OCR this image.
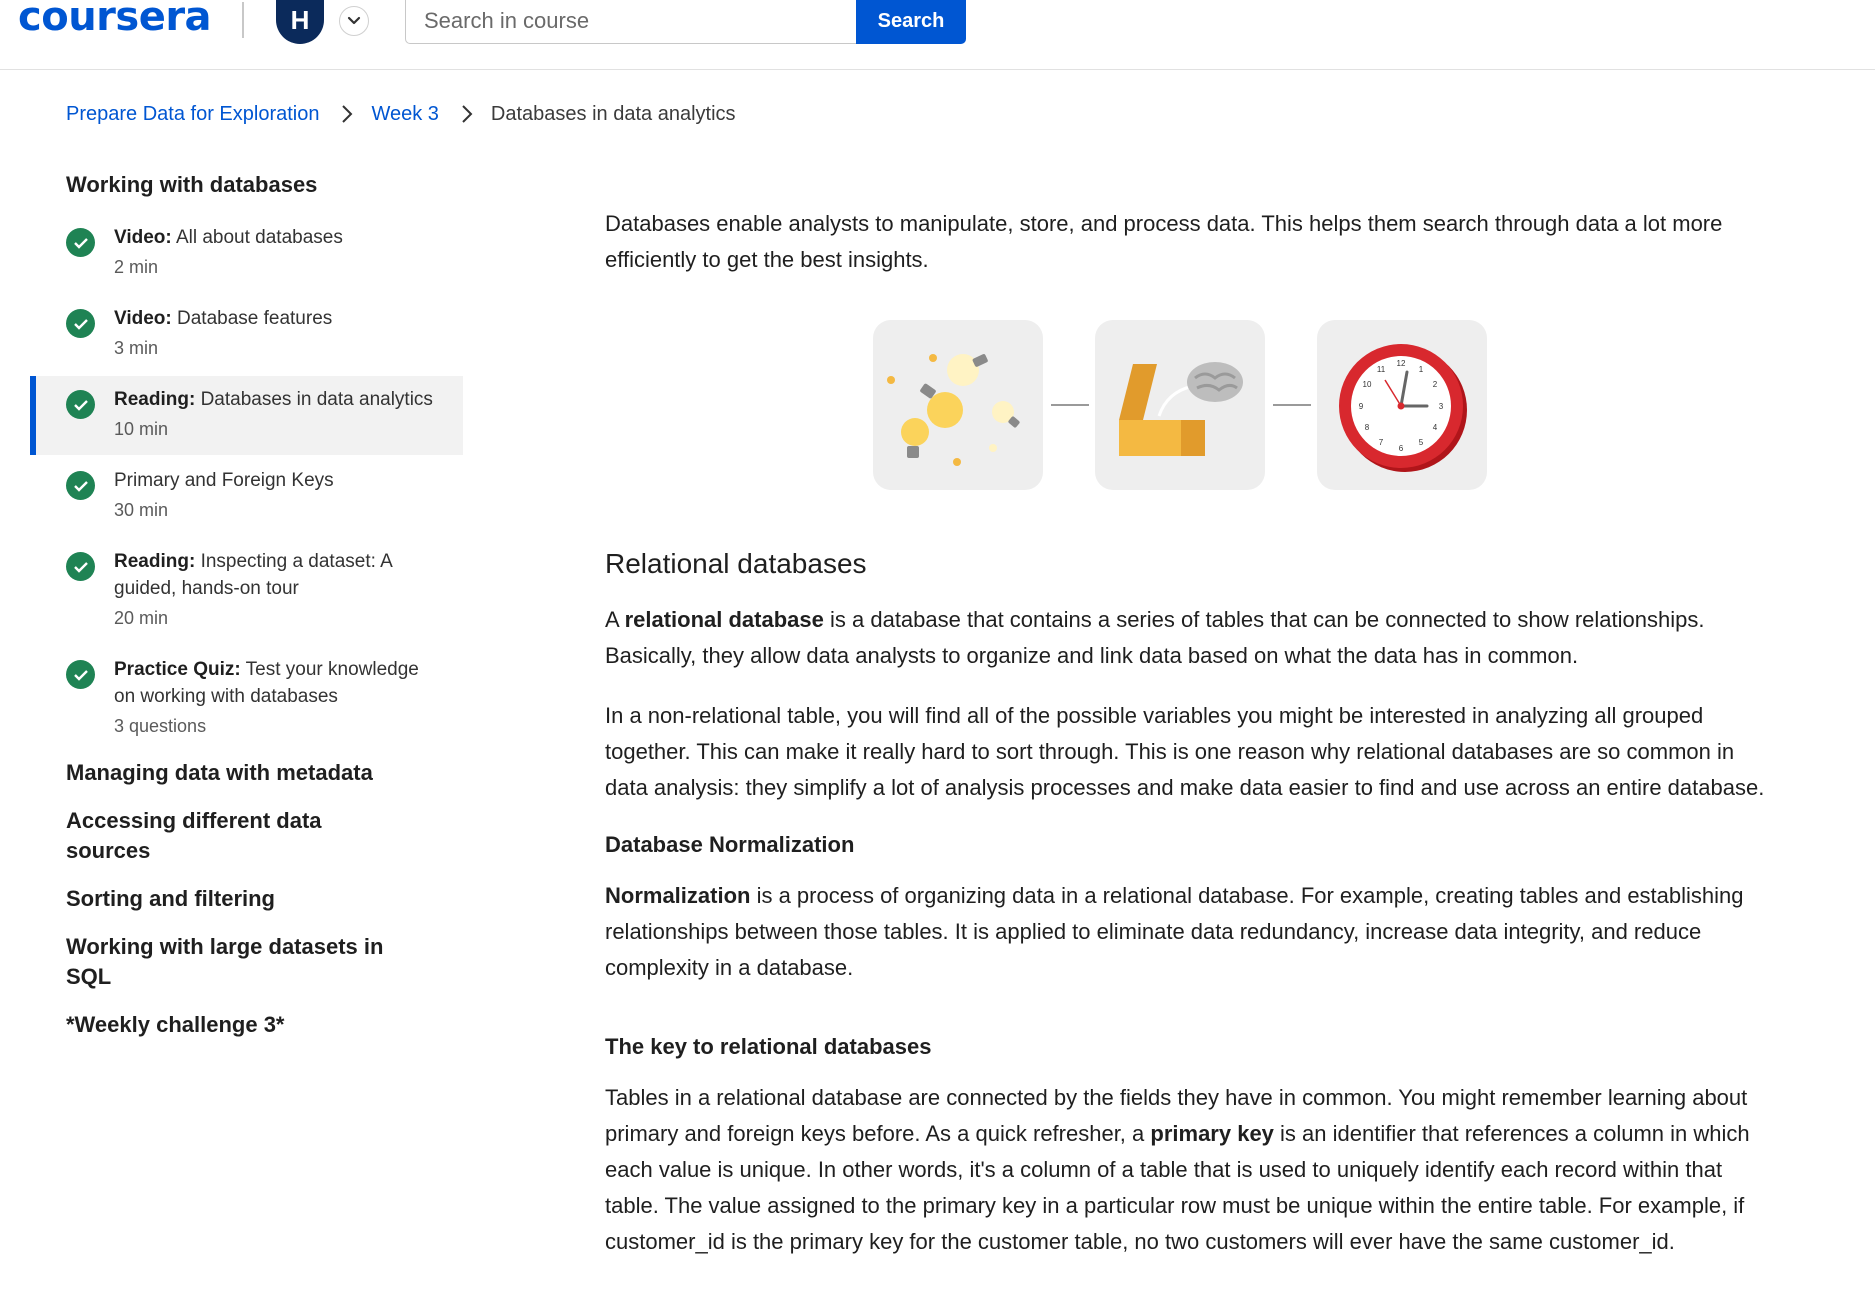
coursera	H
Search in course	Search
Prepare Data for Exploration	Week 3	Databases in data analytics
Working with databases
Video: All about databases
2 min
Video: Database features
3 min
Reading: Databases in data analytics
10 min
Primary and Foreign Keys
30 min
Reading: Inspecting a dataset: A guided, hands-on tour
20 min
Practice Quiz: Test your knowledge on working with databases
3 questions
Managing data with metadata
Accessing different data sources
Sorting and filtering
Working with large datasets in SQL
*Weekly challenge 3*

Databases enable analysts to manipulate, store, and process data. This helps them search through data a lot more efficiently to get the best insights.

12
1
2
3
4
5
6
7
8
9
10
11
Relational databases

A relational database is a database that contains a series of tables that can be connected to show relationships. Basically, they allow data analysts to organize and link data based on what the data has in common.

In a non-relational table, you will find all of the possible variables you might be interested in analyzing all grouped together. This can make it really hard to sort through. This is one reason why relational databases are so common in data analysis: they simplify a lot of analysis processes and make data easier to find and use across an entire database.

Database Normalization

Normalization is a process of organizing data in a relational database. For example, creating tables and establishing relationships between those tables. It is applied to eliminate data redundancy, increase data integrity, and reduce complexity in a database.

The key to relational databases

Tables in a relational database are connected by the fields they have in common. You might remember learning about primary and foreign keys before. As a quick refresher, a primary key is an identifier that references a column in which each value is unique. In other words, it's a column of a table that is used to uniquely identify each record within that table. The value assigned to the primary key in a particular row must be unique within the entire table. For example, if customer_id is the primary key for the customer table, no two customers will ever have the same customer_id.
